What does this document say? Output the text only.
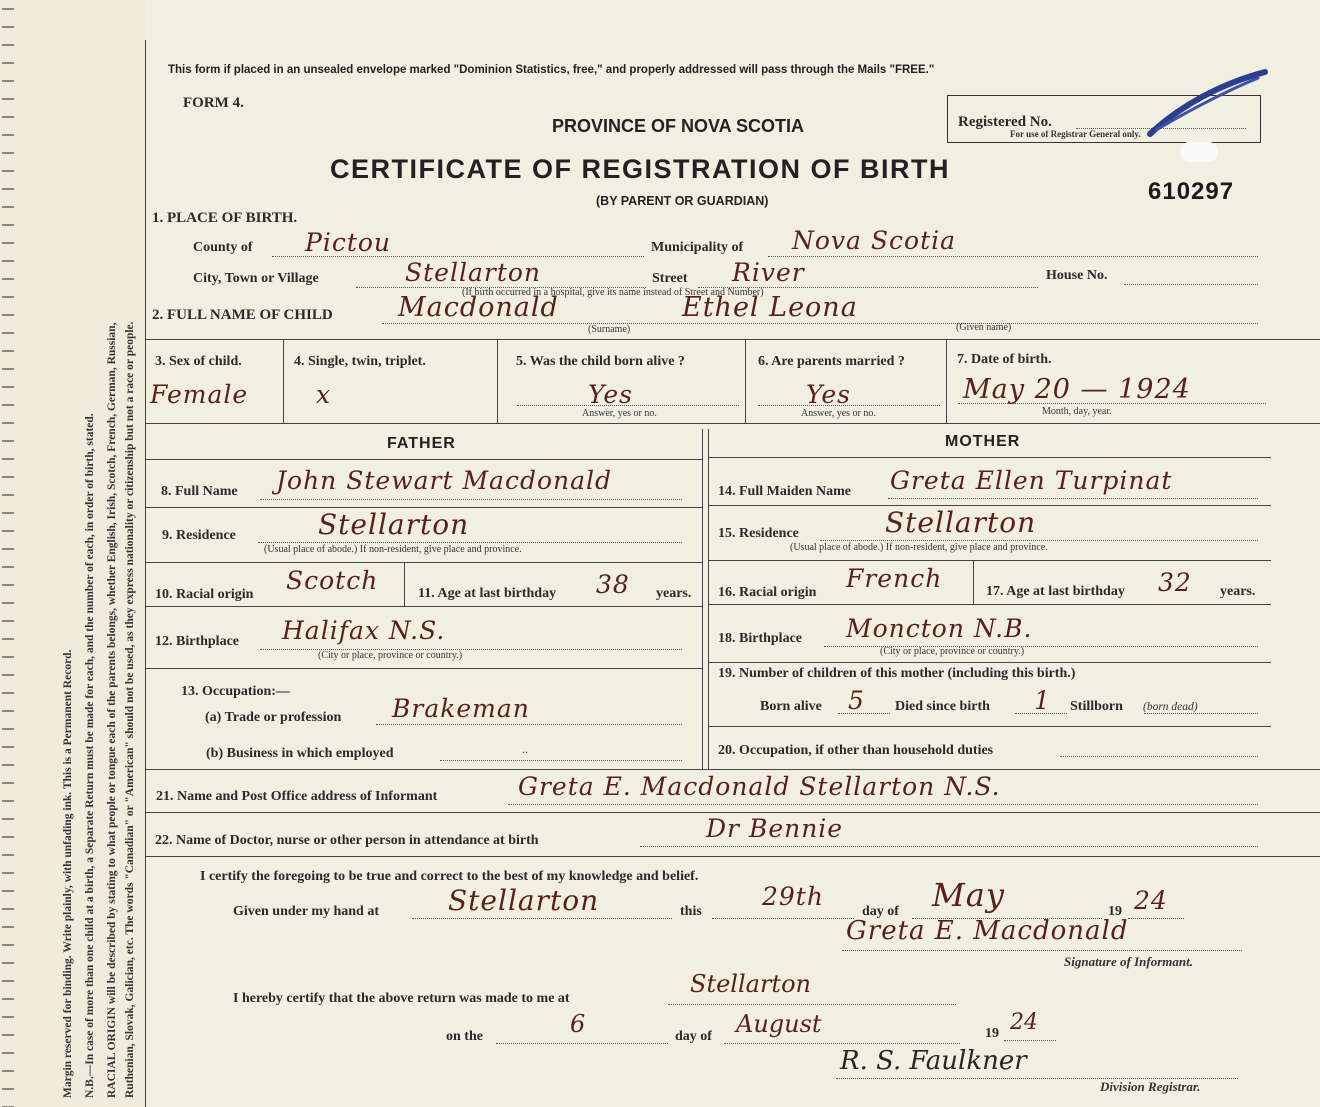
Margin reserved for binding. Write plainly, with unfading ink. This is a Permanent Record. N.B.—In case of more than one child at a birth, a Separate Return must be made for each, and the number of each, in order of birth, stated. RACIAL ORIGIN will be described by stating to what people or tongue each of the parents belongs, whether English, Irish, Scotch, French, German, Russian, Ruthenian, Slovak, Galician, etc. The words "Canadian" or "American" should not be used, as they express nationality or citizenship but not a race or people.
This form if placed in an unsealed envelope marked "Dominion Statistics, free," and properly addressed will pass through the Mails "FREE."
FORM 4.
PROVINCE OF NOVA SCOTIA
CERTIFICATE OF REGISTRATION OF BIRTH
(BY PARENT OR GUARDIAN)
Registered No.
For use of Registrar General only.
610297
1. PLACE OF BIRTH.
County of Pictou	Municipality of Nova Scotia
City, Town or Village	Stellarton	Street River	House No.
(If birth occurred in a hospital, give its name instead of Street and Number)
2. FULL NAME OF CHILD Macdonald	Ethel Leona
(Surname)	(Given name)
3. Sex of child.
Female
4. Single, twin, triplet.
x
5. Was the child born alive ?
Yes
Answer, yes or no.
6. Are parents married ?
Yes
Answer, yes or no.
7. Date of birth.
May 20 — 1924
Month, day, year.
FATHER	MOTHER
8. Full Name John Stewart Macdonald
9. Residence	Stellarton
(Usual place of abode.) If non-resident, give place and province.
10. Racial origin Scotch	11. Age at last birthday 38 years.
12. Birthplace Halifax N.S.
(City or place, province or country.)
13. Occupation:—
(a) Trade or profession Brakeman
(b) Business in which employed	..
14. Full Maiden Name Greta Ellen Turpinat
15. Residence	Stellarton
(Usual place of abode.) If non-resident, give place and province.
16. Racial origin French	17. Age at last birthday 32 years.
18. Birthplace Moncton N.B.
(City or place, province or country.)
19. Number of children of this mother (including this birth.)
Born alive 5 Died since birth 1 Stillborn (born dead)
20. Occupation, if other than household duties
21. Name and Post Office address of Informant	Greta E. Macdonald Stellarton N.S.
22. Name of Doctor, nurse or other person in attendance at birth	Dr Bennie
I certify the foregoing to be true and correct to the best of my knowledge and belief.
Given under my hand at Stellarton	this
29th
day of May	19 24
Greta E. Macdonald
Signature of Informant.
I hereby certify that the above return was made to me at
Stellarton
on the	6	day of August	19 24
R. S. Faulkner
Division Registrar.
